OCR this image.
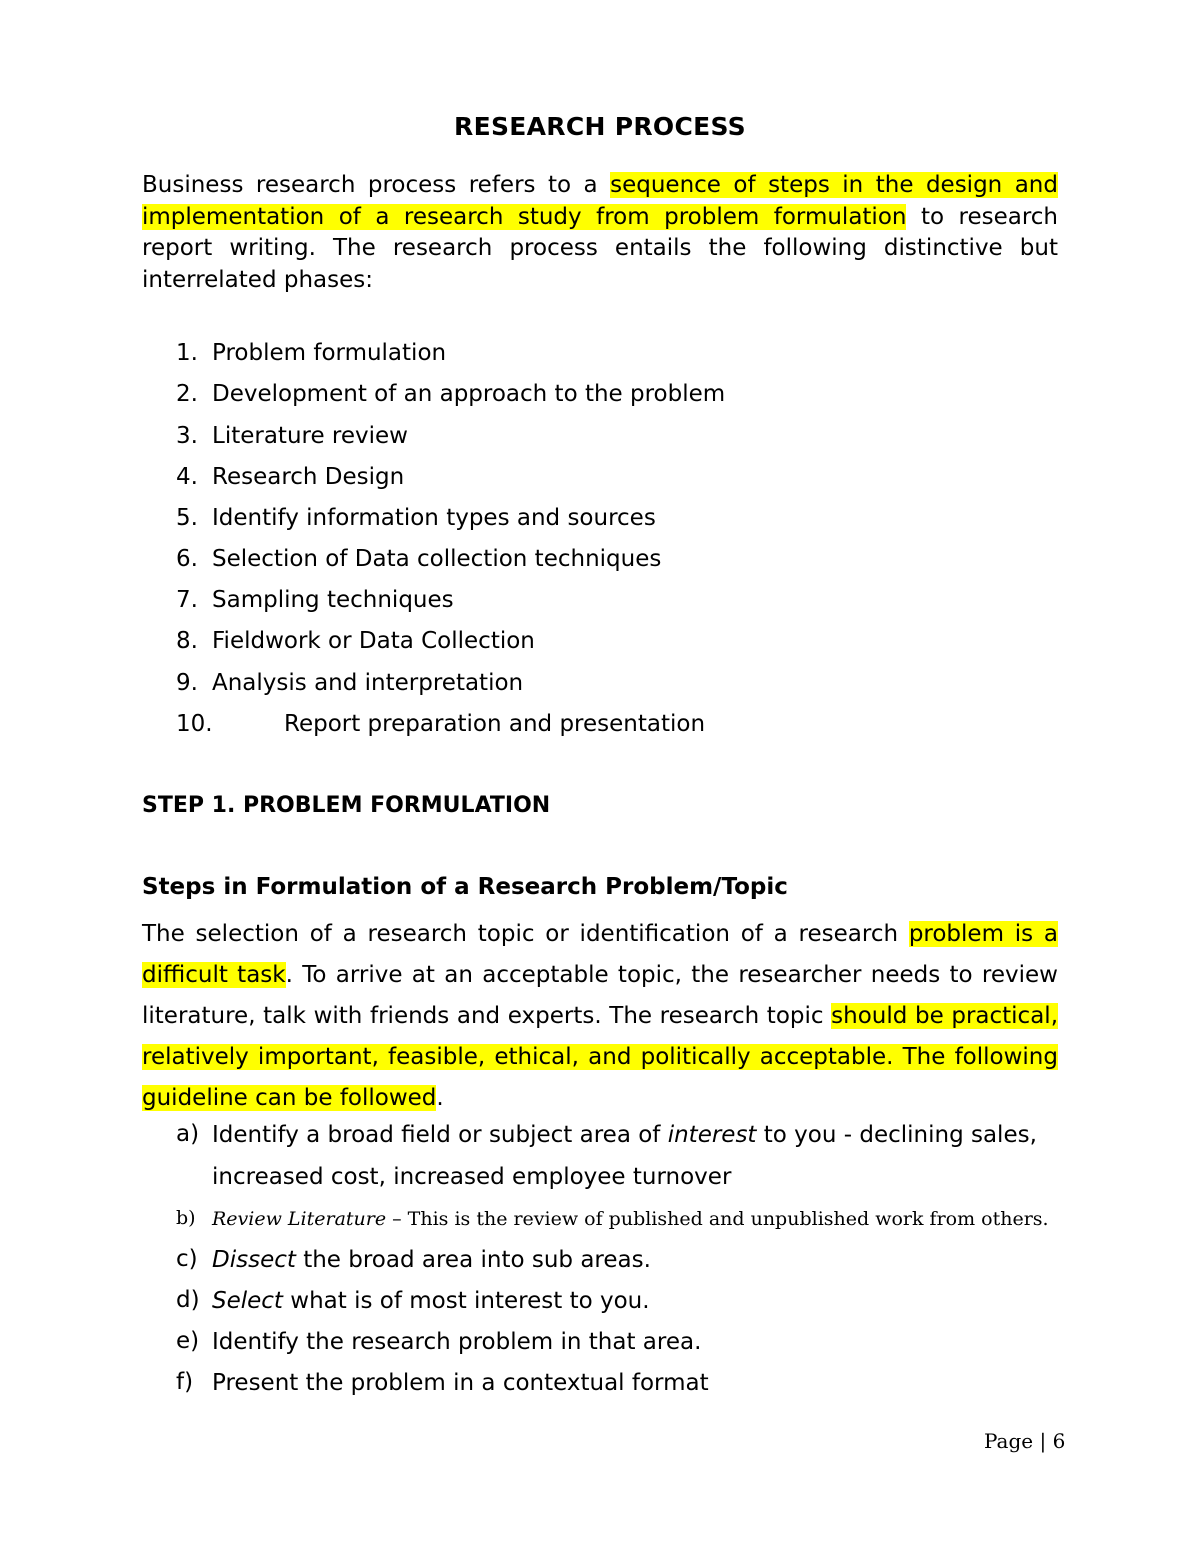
RESEARCH PROCESS
Business research process refers to a sequence of steps in the design and implementation of a research study from problem formulation to research report writing. The research process entails the following distinctive but interrelated phases:
1. Problem formulation
2. Development of an approach to the problem
3. Literature review
4. Research Design
5. Identify information types and sources
6. Selection of Data collection techniques
7. Sampling techniques
8. Fieldwork or Data Collection
9. Analysis and interpretation
10.	Report preparation and presentation
STEP 1. PROBLEM FORMULATION
Steps in Formulation of a Research Problem/Topic
The selection of a research topic or identification of a research problem is a difficult task. To arrive at an acceptable topic, the researcher needs to review literature, talk with friends and experts. The research topic should be practical, relatively important, feasible, ethical, and politically acceptable. The following guideline can be followed.
a) Identify a broad field or subject area of interest to you - declining sales, increased cost, increased employee turnover
b) Review Literature – This is the review of published and unpublished work from others.
c) Dissect the broad area into sub areas.
d) Select what is of most interest to you.
e) Identify the research problem in that area.
f) Present the problem in a contextual format
Page | 6
